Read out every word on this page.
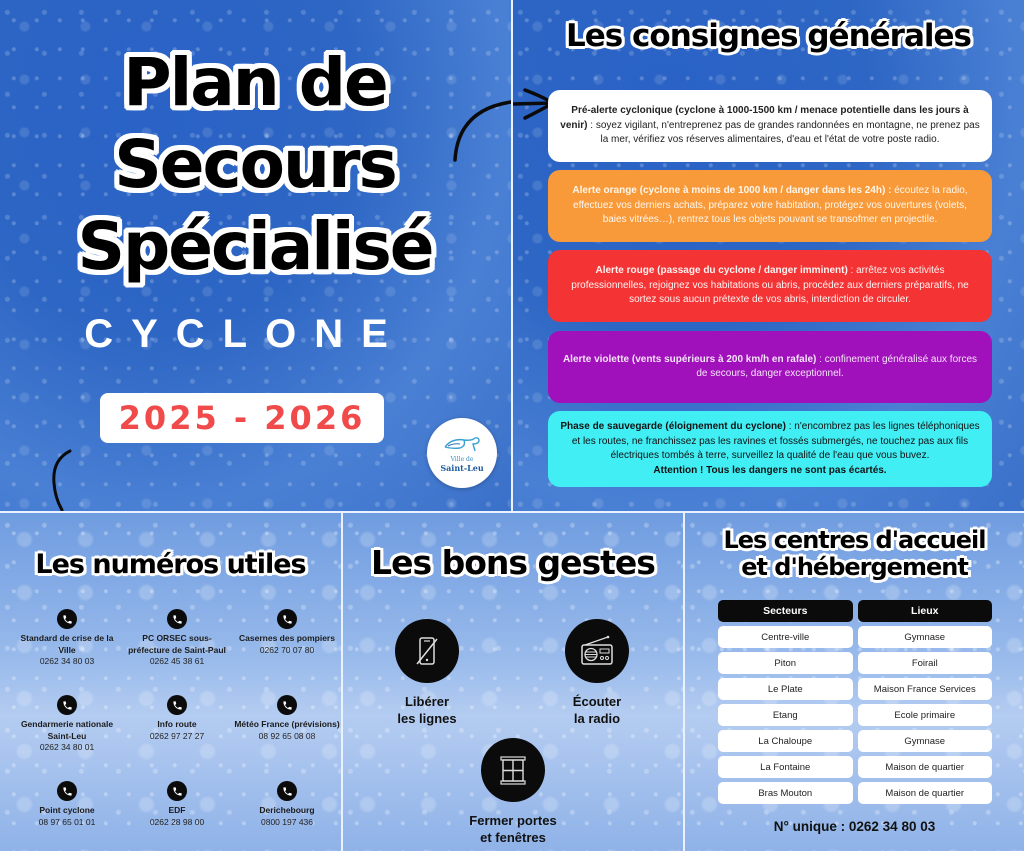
Plan de
Secours
Spécialisé
CYCLONE
2025 - 2026
Ville de
Saint-Leu
Les consignes générales
Pré-alerte cyclonique (cyclone à 1000-1500 km / menace potentielle dans les jours à venir) : soyez vigilant, n'entreprenez pas de grandes randonnées en montagne, ne prenez pas la mer, vérifiez vos réserves alimentaires, d'eau et l'état de votre poste radio.
Alerte orange (cyclone à moins de 1000 km / danger dans les 24h) : écoutez la radio, effectuez vos derniers achats, préparez votre habitation, protégez vos ouvertures (volets, baies vitrées…), rentrez tous les objets pouvant se transofmer en projectile.
Alerte rouge (passage du cyclone / danger imminent) : arrêtez vos activités professionnelles, rejoignez vos habitations ou abris, procédez aux derniers préparatifs, ne sortez sous aucun prétexte de vos abris, interdiction de circuler.
Alerte violette (vents supérieurs à 200 km/h en rafale) : confinement généralisé aux forces de secours, danger exceptionnel.
Phase de sauvegarde (éloignement du cyclone) : n'encombrez pas les lignes téléphoniques et les routes, ne franchissez pas les ravines et fossés submergés, ne touchez pas aux fils électriques tombés à terre, surveillez la qualité de l'eau que vous buvez.
Attention ! Tous les dangers ne sont pas écartés.
Les numéros utiles
Standard de crise de la Ville
0262 34 80 03
PC ORSEC sous-préfecture de Saint-Paul
0262 45 38 61
Casernes des pompiers
0262 70 07 80
Gendarmerie nationale Saint-Leu
0262 34 80 01
Info route
0262 97 27 27
Météo France (prévisions)
08 92 65 08 08
Point cyclone
08 97 65 01 01
EDF
0262 28 98 00
Derichebourg
0800 197 436
Les bons gestes
Libérer
les lignes
Écouter
la radio
Fermer portes
et fenêtres
Les centres d'accueil
et d'hébergement
Secteurs	Lieux
Centre-ville	Gymnase
Piton	Foirail
Le Plate	Maison France Services
Etang	Ecole primaire
La Chaloupe	Gymnase
La Fontaine	Maison de quartier
Bras Mouton	Maison de quartier
N° unique : 0262 34 80 03
